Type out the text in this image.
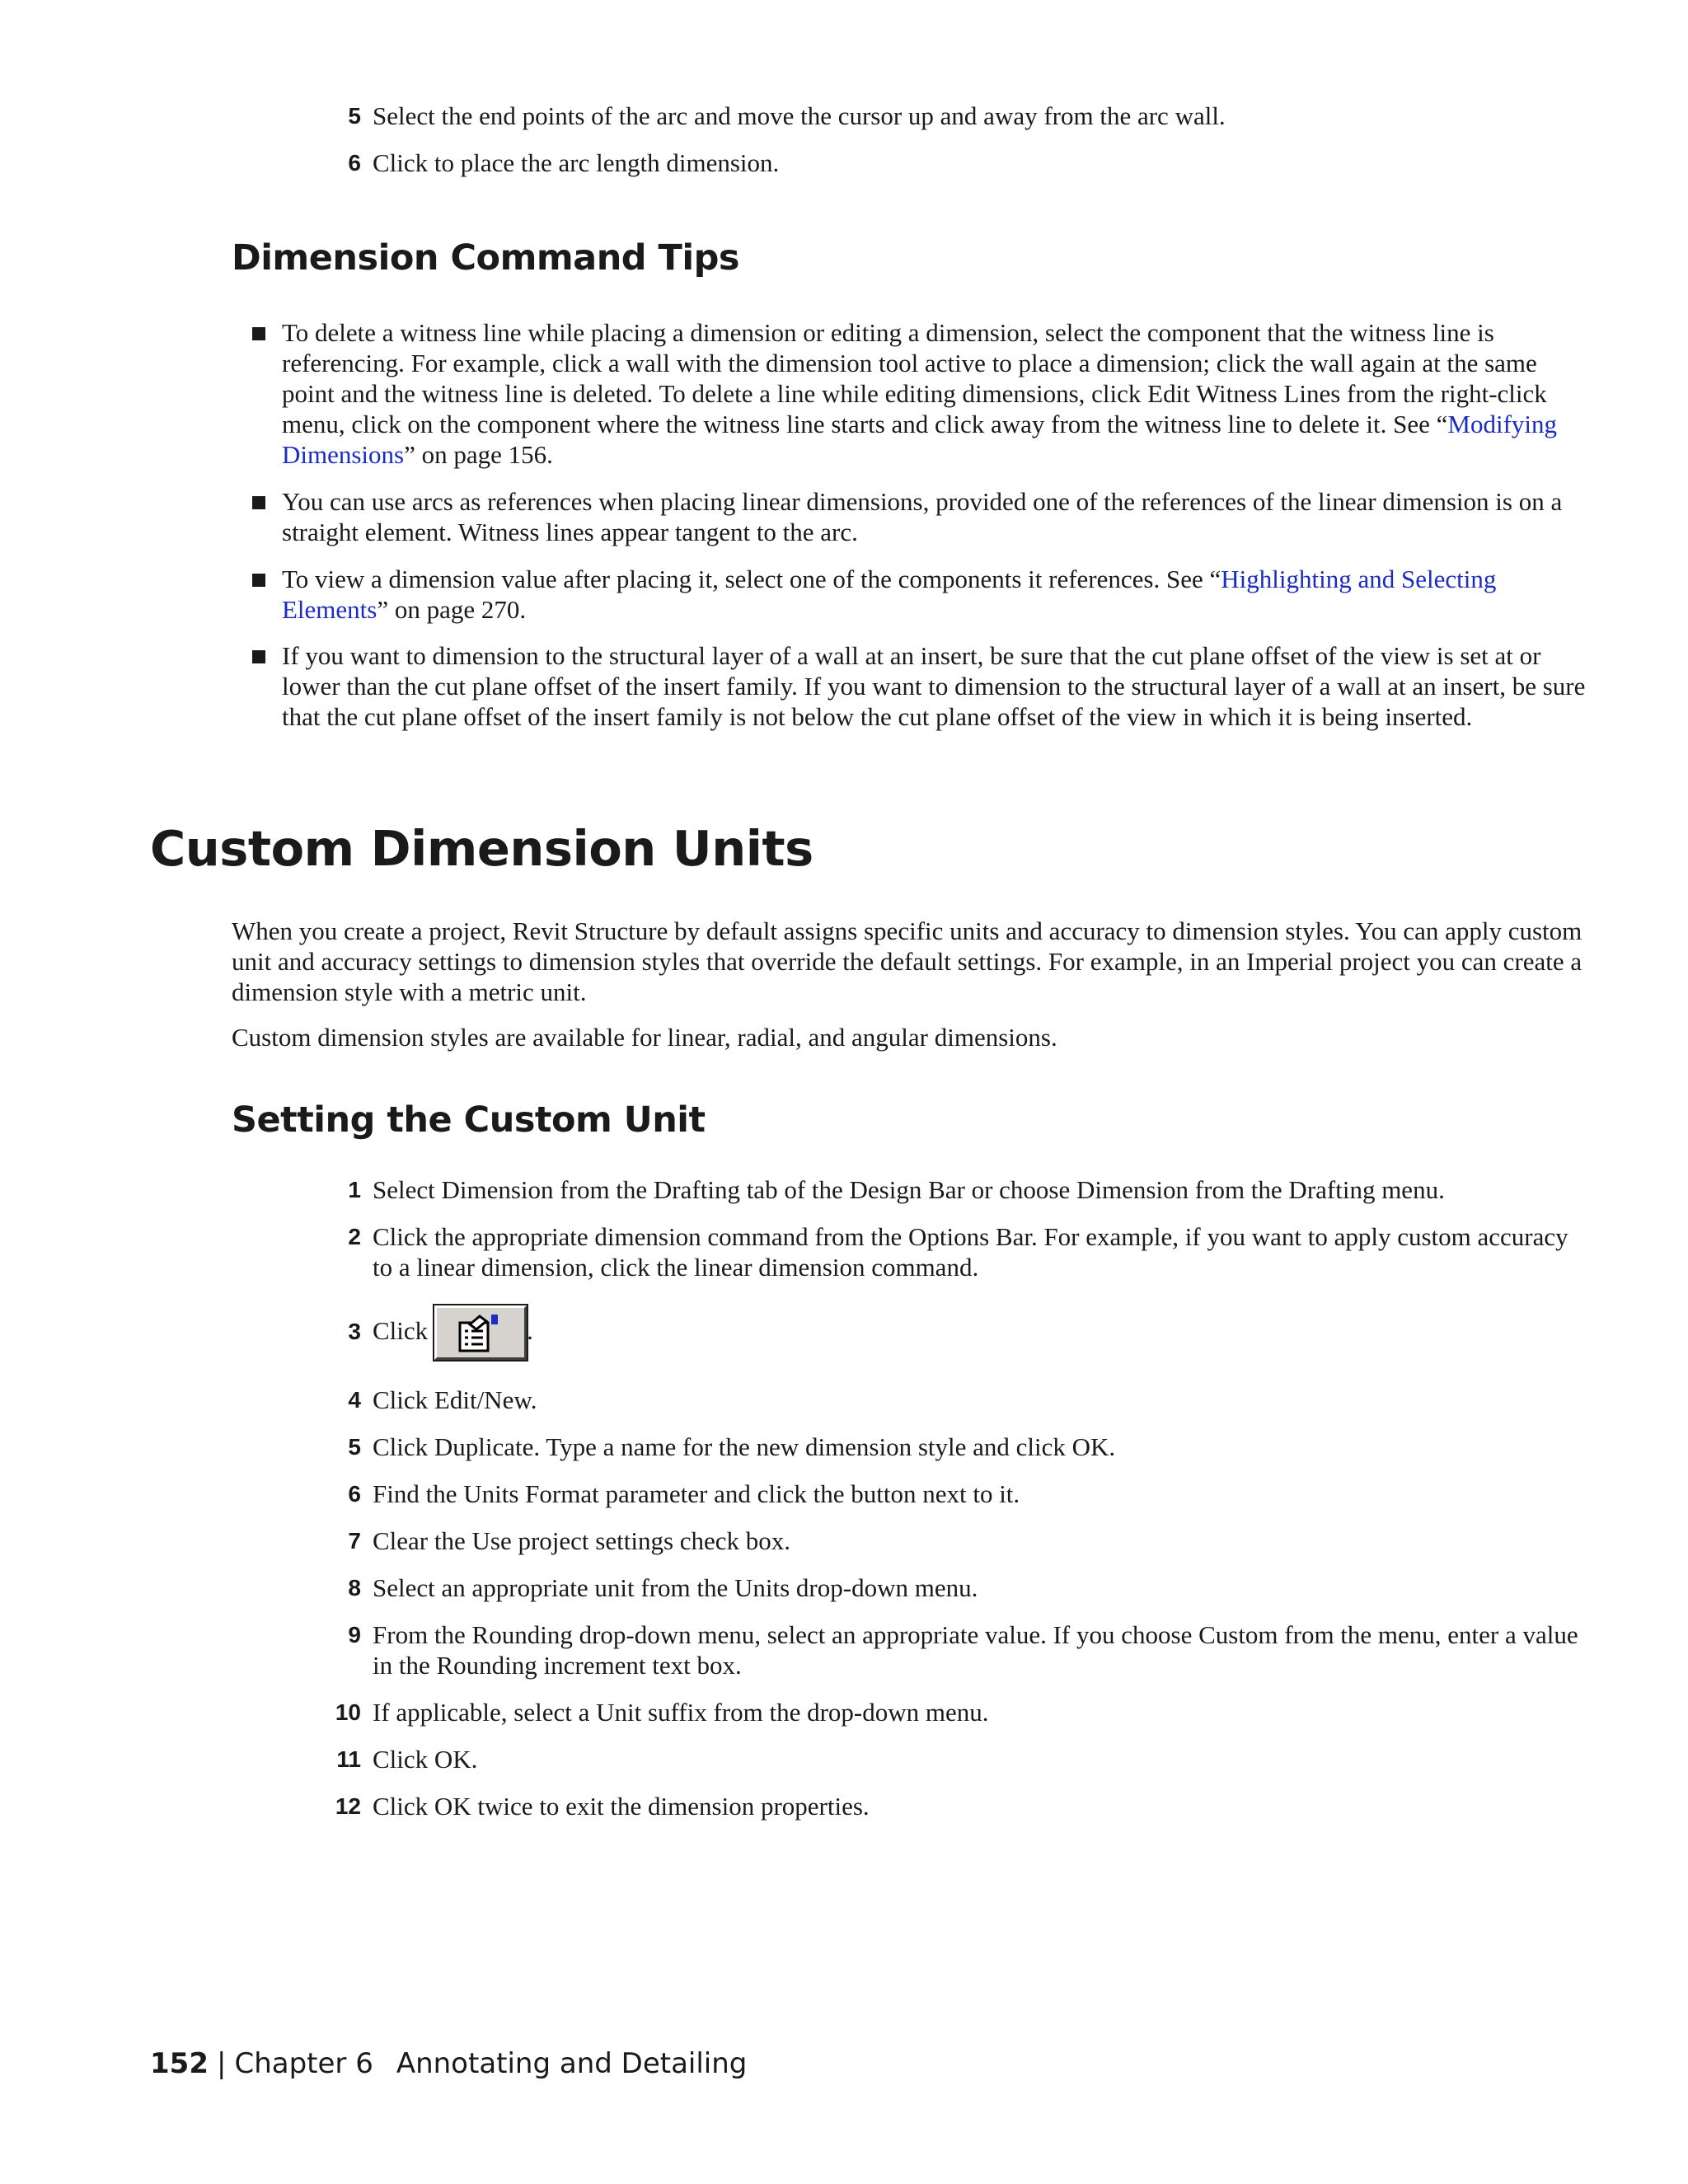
5 Select the end points of the arc and move the cursor up and away from the arc wall.
6 Click to place the arc length dimension.
Dimension Command Tips
To delete a witness line while placing a dimension or editing a dimension, select the component that the witness line is referencing. For example, click a wall with the dimension tool active to place a dimension; click the wall again at the same point and the witness line is deleted. To delete a line while editing dimensions, click Edit Witness Lines from the right-click menu, click on the component where the witness line starts and click away from the witness line to delete it. See “Modifying Dimensions” on page 156.
You can use arcs as references when placing linear dimensions, provided one of the references of the linear dimension is on a straight element. Witness lines appear tangent to the arc.
To view a dimension value after placing it, select one of the components it references. See “Highlighting and Selecting Elements” on page 270.
If you want to dimension to the structural layer of a wall at an insert, be sure that the cut plane offset of the view is set at or lower than the cut plane offset of the insert family. If you want to dimension to the structural layer of a wall at an insert, be sure that the cut plane offset of the insert family is not below the cut plane offset of the view in which it is being inserted.
Custom Dimension Units

When you create a project, Revit Structure by default assigns specific units and accuracy to dimension styles. You can apply custom unit and accuracy settings to dimension styles that override the default settings. For example, in an Imperial project you can create a dimension style with a metric unit.

Custom dimension styles are available for linear, radial, and angular dimensions.

Setting the Custom Unit
1 Select Dimension from the Drafting tab of the Design Bar or choose Dimension from the Drafting menu.
2 Click the appropriate dimension command from the Options Bar. For example, if you want to apply custom accuracy to a linear dimension, click the linear dimension command.
3 Click	.
4 Click Edit/New.
5 Click Duplicate. Type a name for the new dimension style and click OK.
6 Find the Units Format parameter and click the button next to it.
7 Clear the Use project settings check box.
8 Select an appropriate unit from the Units drop-down menu.
9 From the Rounding drop-down menu, select an appropriate value. If you choose Custom from the menu, enter a value in the Rounding increment text box.
10 If applicable, select a Unit suffix from the drop-down menu.
11 Click OK.
12 Click OK twice to exit the dimension properties.
152 | Chapter 6 Annotating and Detailing
